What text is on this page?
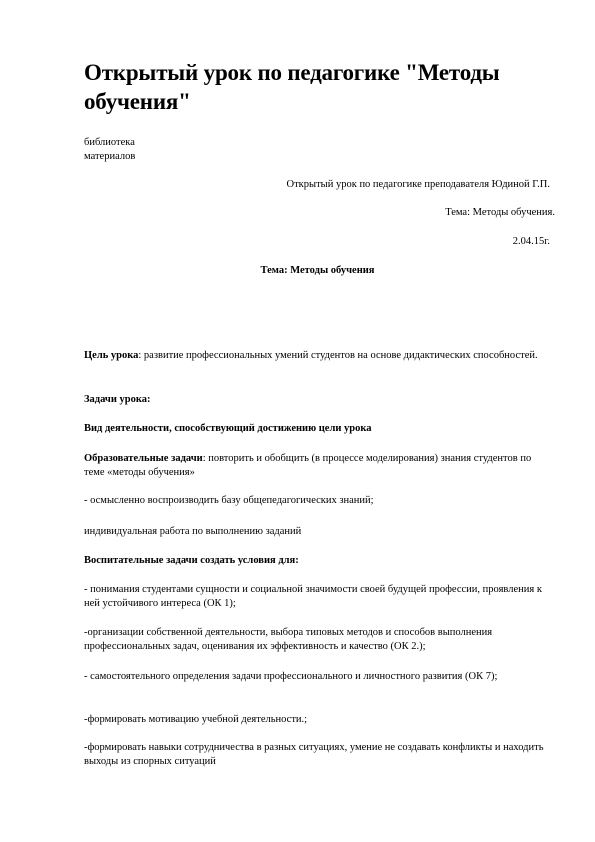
Открытый урок по педагогике "Методы обучения"
библиотека
материалов
Открытый урок по педагогике преподавателя Юдиной Г.П.
Тема: Методы обучения.
2.04.15г.
Тема: Методы обучения

Цель урока: развитие профессиональных умений студентов на основе дидактических способностей.

Задачи урока:

Вид деятельности, способствующий достижению цели урока

Образовательные задачи: повторить и обобщить (в процессе моделирования) знания студентов по теме «методы обучения»

- осмысленно воспроизводить базу общепедагогических знаний;

индивидуальная работа по выполнению заданий

Воспитательные задачи создать условия для:

- понимания студентами сущности и социальной значимости своей будущей профессии, проявления к ней устойчивого интереса (ОК 1);

-организации собственной деятельности, выбора типовых методов и способов выполнения профессиональных задач, оценивания их эффективность и качество (ОК 2.);

- самостоятельного определения задачи профессионального и личностного развития (ОК 7);

-формировать мотивацию учебной деятельности.;

-формировать навыки сотрудничества в разных ситуациях, умение не создавать конфликты и находить выходы из спорных ситуаций
